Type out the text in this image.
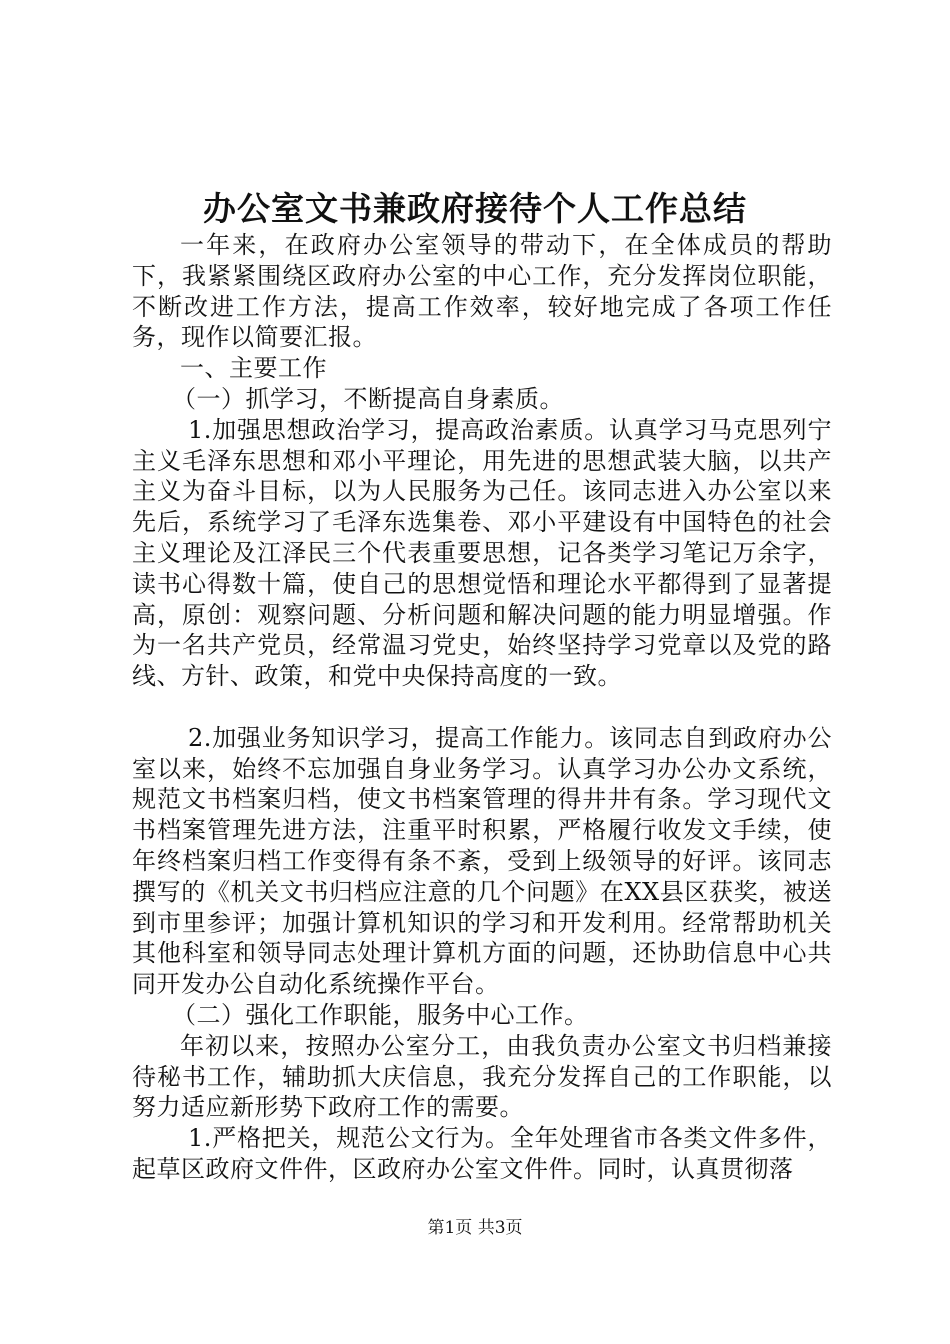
办公室文书兼政府接待个人工作总结

一年来，在政府办公室领导的带动下，在全体成员的帮助下，我紧紧围绕区政府办公室的中心工作，充分发挥岗位职能，不断改进工作方法，提高工作效率，较好地完成了各项工作任务，现作以简要汇报。

一、主要工作

（一）抓学习，不断提高自身素质。

1.加强思想政治学习，提高政治素质。认真学习马克思列宁主义毛泽东思想和邓小平理论，用先进的思想武装大脑，以共产主义为奋斗目标，以为人民服务为己任。该同志进入办公室以来先后，系统学习了毛泽东选集卷、邓小平建设有中国特色的社会主义理论及江泽民三个代表重要思想，记各类学习笔记万余字，读书心得数十篇，使自己的思想觉悟和理论水平都得到了显著提高，原创：观察问题、分析问题和解决问题的能力明显增强。作为一名共产党员，经常温习党史，始终坚持学习党章以及党的路线、方针、政策，和党中央保持高度的一致。

2.加强业务知识学习，提高工作能力。该同志自到政府办公室以来，始终不忘加强自身业务学习。认真学习办公办文系统，规范文书档案归档，使文书档案管理的得井井有条。学习现代文书档案管理先进方法，注重平时积累，严格履行收发文手续，使年终档案归档工作变得有条不紊，受到上级领导的好评。该同志撰写的《机关文书归档应注意的几个问题》在XX县区获奖，被送到市里参评；加强计算机知识的学习和开发利用。经常帮助机关其他科室和领导同志处理计算机方面的问题，还协助信息中心共同开发办公自动化系统操作平台。

（二）强化工作职能，服务中心工作。

年初以来，按照办公室分工，由我负责办公室文书归档兼接待秘书工作，辅助抓大庆信息，我充分发挥自己的工作职能，以努力适应新形势下政府工作的需要。

1.严格把关，规范公文行为。全年处理省市各类文件多件，起草区政府文件件，区政府办公室文件件。同时，认真贯彻落

第1页 共3页
